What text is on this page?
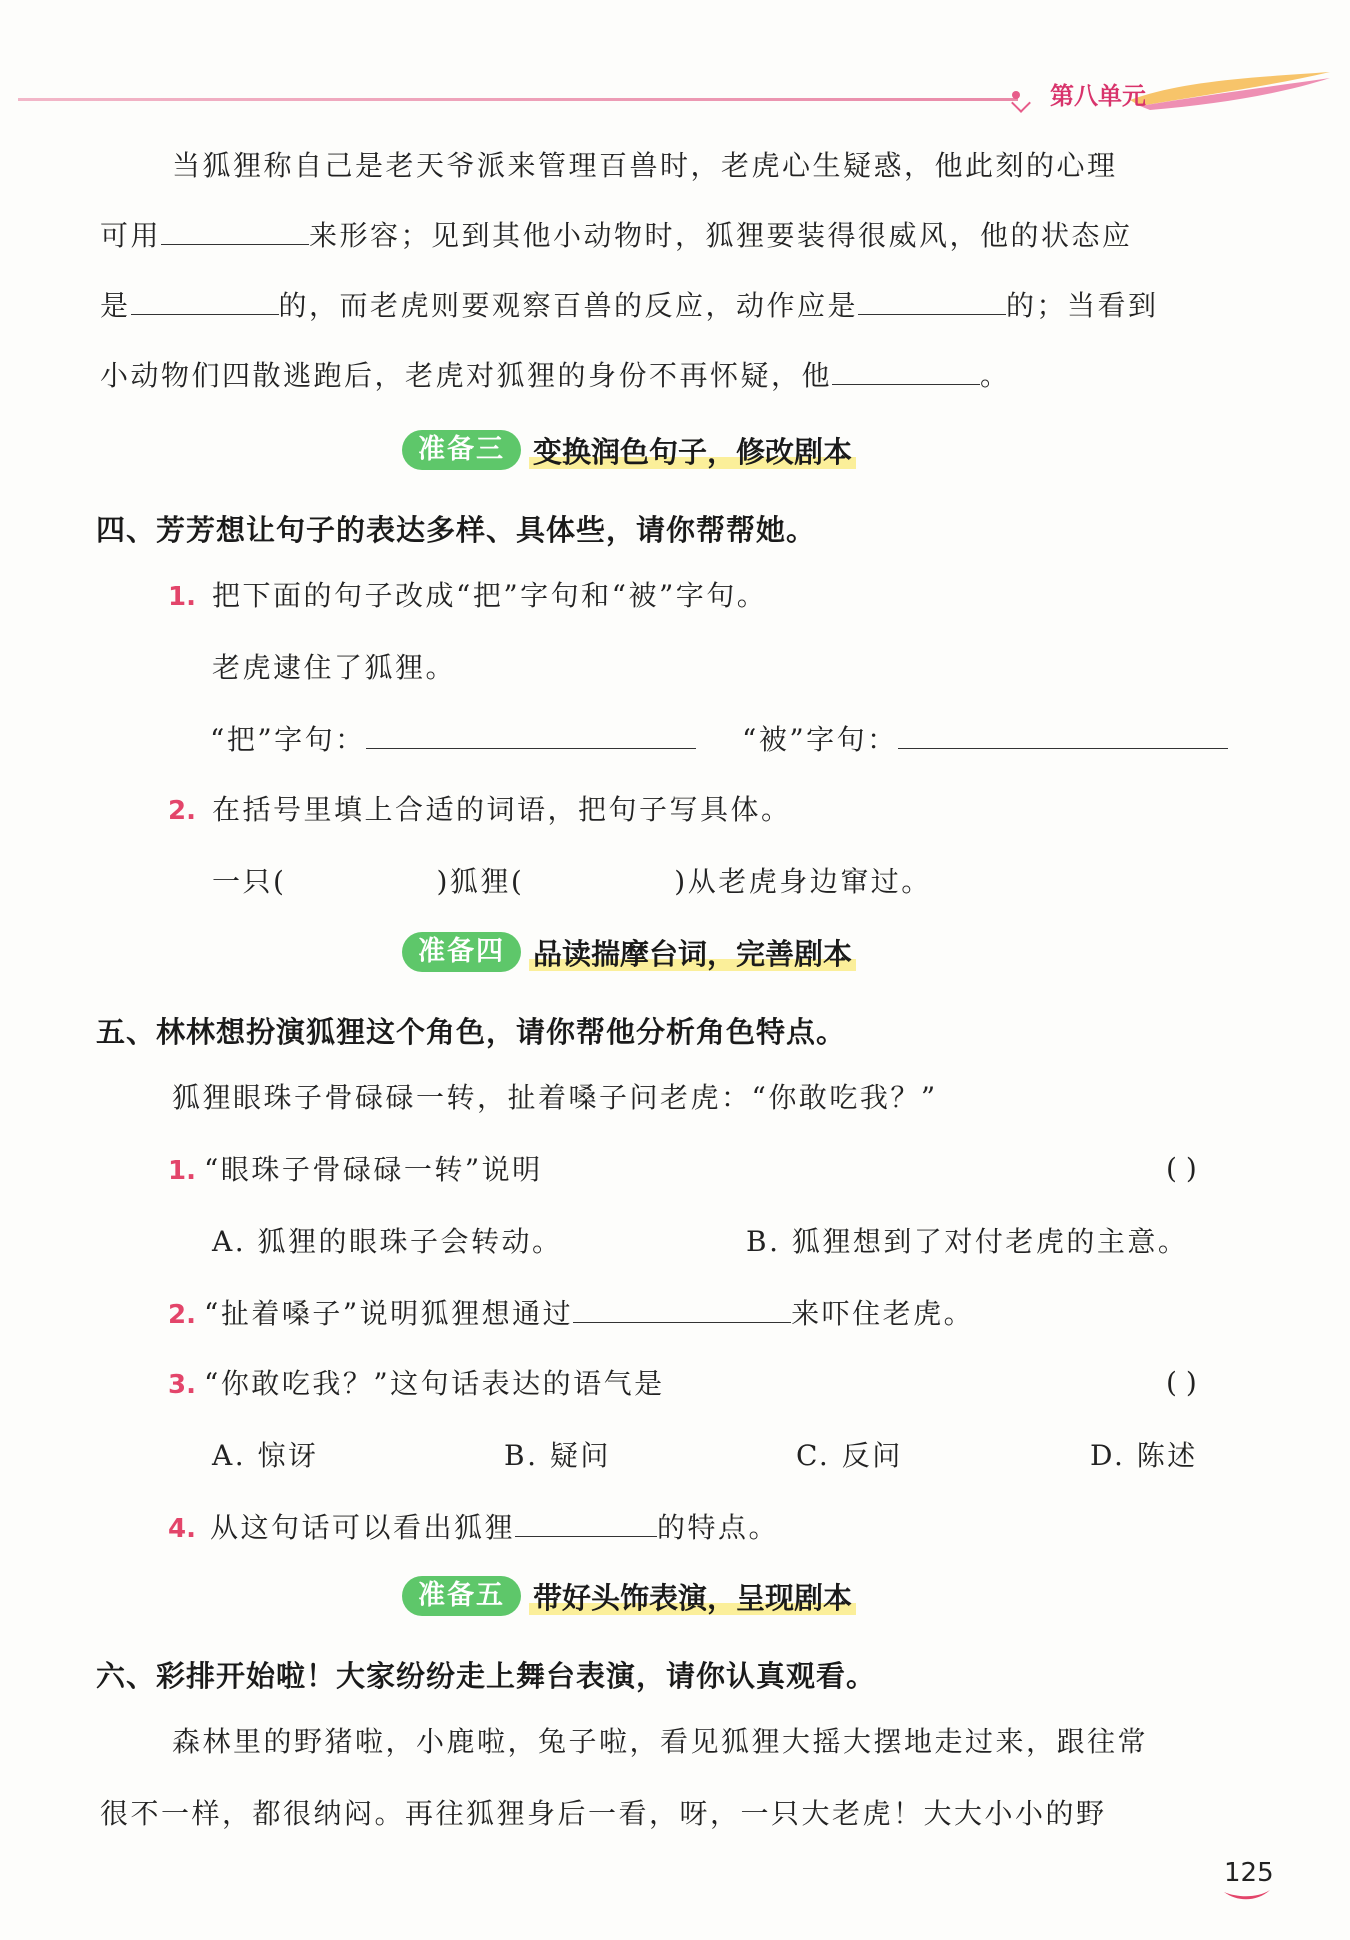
第八单元
当狐狸称自己是老天爷派来管理百兽时，老虎心生疑惑，他此刻的心理
可用	来形容；见到其他小动物时，狐狸要装得很威风，他的状态应
是	的，而老虎则要观察百兽的反应，动作应是	的；当看到
小动物们四散逃跑后，老虎对狐狸的身份不再怀疑，他	。
准备三 变换润色句子，修改剧本
四、芳芳想让句子的表达多样、具体些，请你帮帮她。
1. 把下面的句子改成“把”字句和“被”字句。
老虎逮住了狐狸。
“把”字句：	“被”字句：
2. 在括号里填上合适的词语，把句子写具体。
一只(	)狐狸(	)从老虎身边窜过。
准备四 品读揣摩台词，完善剧本
五、林林想扮演狐狸这个角色，请你帮他分析角色特点。
狐狸眼珠子骨碌碌一转，扯着嗓子问老虎：“你敢吃我？”
1. “眼珠子骨碌碌一转”说明	( )
A. 狐狸的眼珠子会转动。	B. 狐狸想到了对付老虎的主意。
2. “扯着嗓子”说明狐狸想通过	来吓住老虎。
3. “你敢吃我？”这句话表达的语气是	( )
A. 惊讶	B. 疑问	C. 反问	D. 陈述
4. 从这句话可以看出狐狸	的特点。
准备五 带好头饰表演，呈现剧本
六、彩排开始啦！大家纷纷走上舞台表演，请你认真观看。
森林里的野猪啦，小鹿啦，兔子啦，看见狐狸大摇大摆地走过来，跟往常
很不一样，都很纳闷。再往狐狸身后一看，呀，一只大老虎！大大小小的野
125
